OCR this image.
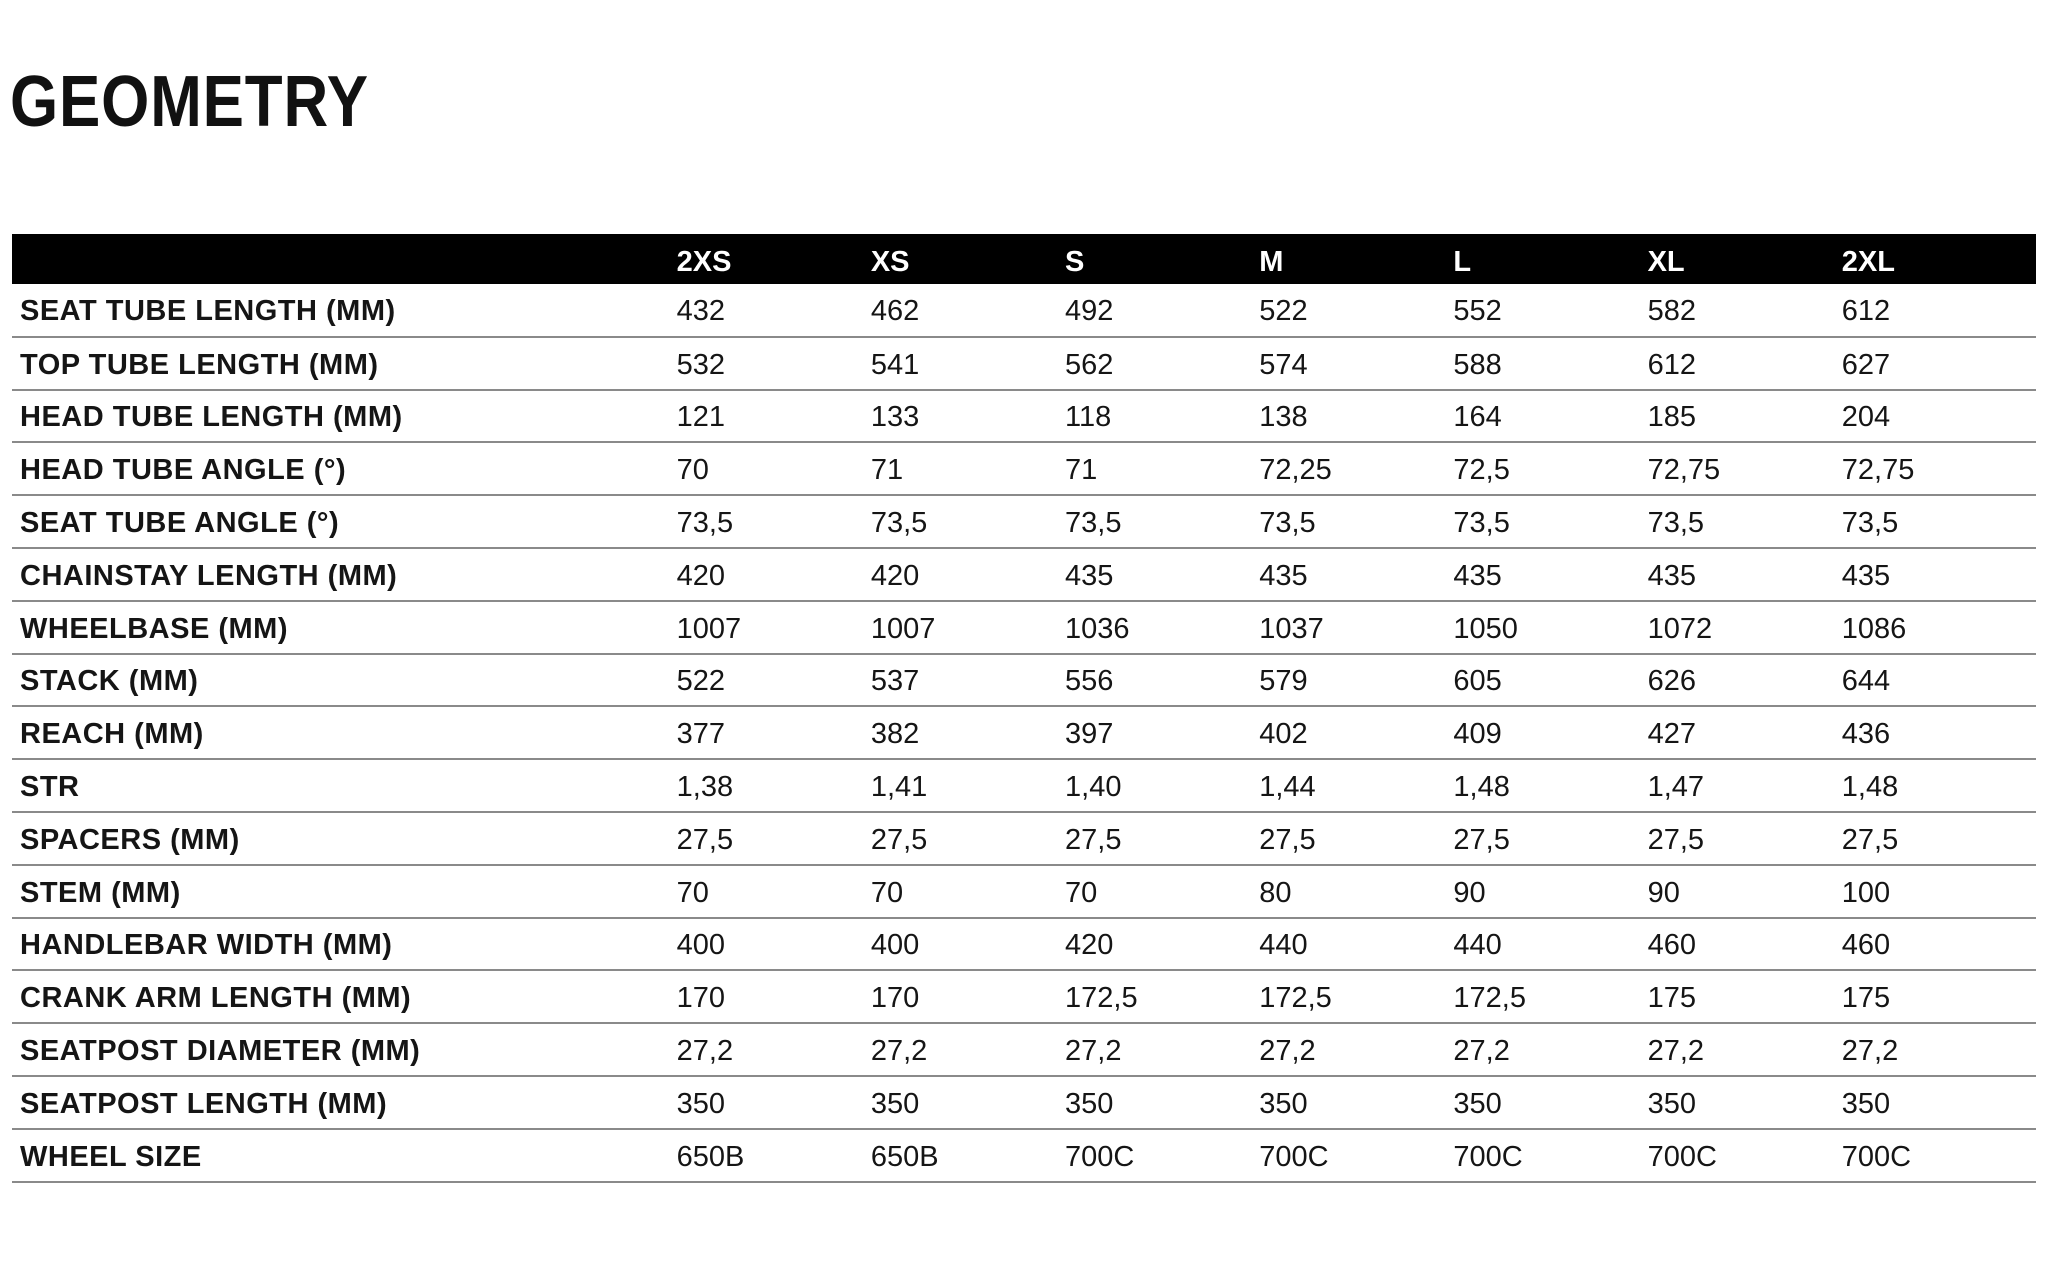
GEOMETRY
	2XS	XS	S	M	L	XL	2XL
SEAT TUBE LENGTH (MM)	432	462	492	522	552	582	612
TOP TUBE LENGTH (MM)	532	541	562	574	588	612	627
HEAD TUBE LENGTH (MM)	121	133	118	138	164	185	204
HEAD TUBE ANGLE (°)	70	71	71	72,25	72,5	72,75	72,75
SEAT TUBE ANGLE (°)	73,5	73,5	73,5	73,5	73,5	73,5	73,5
CHAINSTAY LENGTH (MM)	420	420	435	435	435	435	435
WHEELBASE (MM)	1007	1007	1036	1037	1050	1072	1086
STACK (MM)	522	537	556	579	605	626	644
REACH (MM)	377	382	397	402	409	427	436
STR	1,38	1,41	1,40	1,44	1,48	1,47	1,48
SPACERS (MM)	27,5	27,5	27,5	27,5	27,5	27,5	27,5
STEM (MM)	70	70	70	80	90	90	100
HANDLEBAR WIDTH (MM)	400	400	420	440	440	460	460
CRANK ARM LENGTH (MM)	170	170	172,5	172,5	172,5	175	175
SEATPOST DIAMETER (MM)	27,2	27,2	27,2	27,2	27,2	27,2	27,2
SEATPOST LENGTH (MM)	350	350	350	350	350	350	350
WHEEL SIZE	650B	650B	700C	700C	700C	700C	700C
